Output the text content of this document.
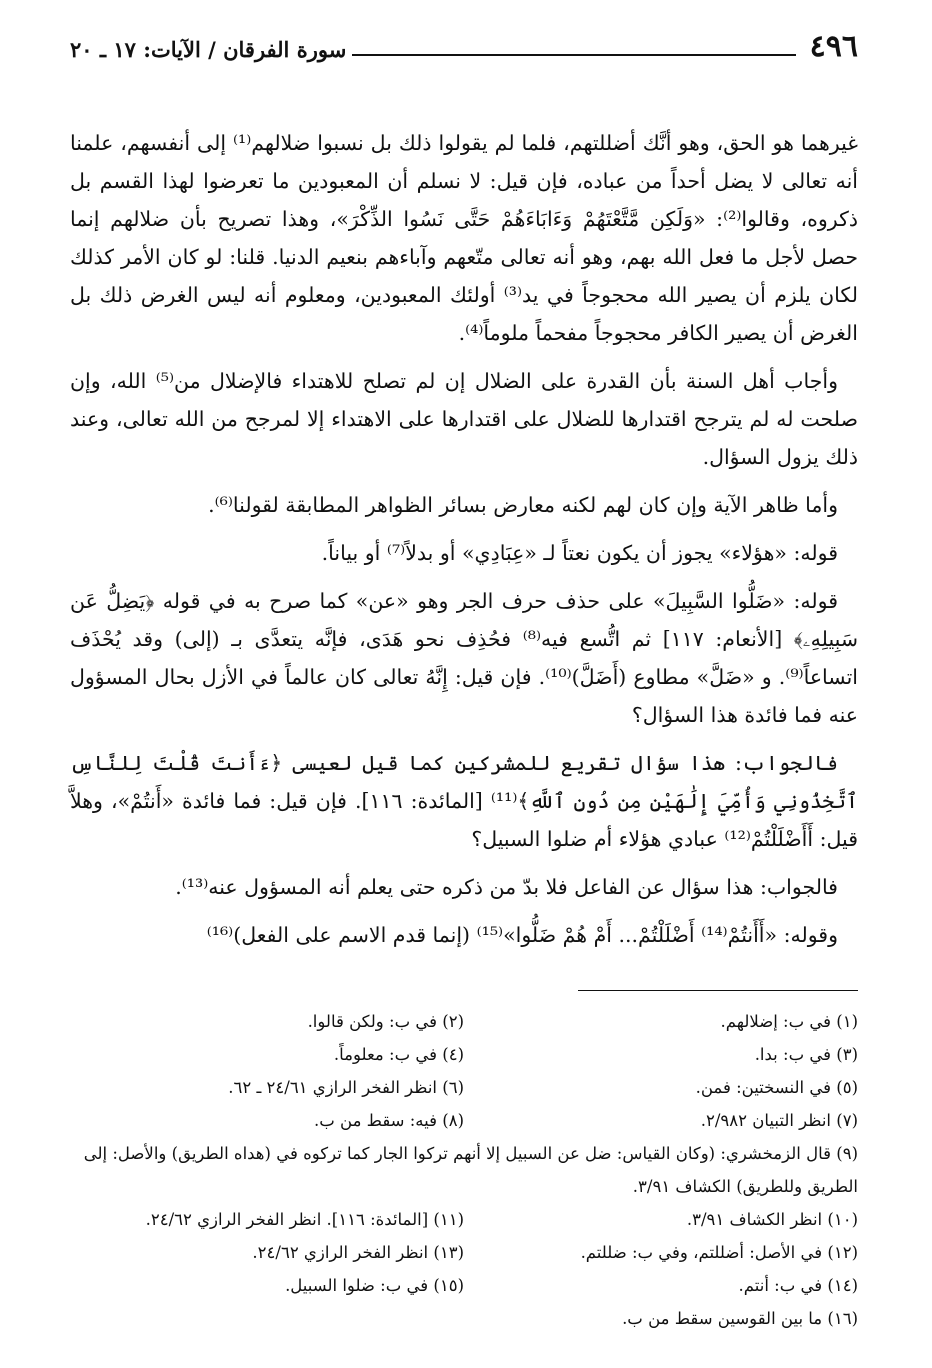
٤٩٦
سورة الفرقان / الآيات: ١٧ ـ ٢٠

غيرهما هو الحق، وهو أنَّك أضللتهم، فلما لم يقولوا ذلك بل نسبوا ضلالهم⁽¹⁾ إلى أنفسهم، علمنا أنه تعالى لا يضل أحداً من عباده، فإن قيل: لا نسلم أن المعبودين ما تعرضوا لهذا القسم بل ذكروه، وقالوا⁽²⁾: «وَلَكِن مَّتَّعْتَهُمْ وَءَابَاءَهُمْ حَتَّى نَسُوا الذِّكْرَ»، وهذا تصريح بأن ضلالهم إنما حصل لأجل ما فعل الله بهم، وهو أنه تعالى متّعهم وآباءهم بنعيم الدنيا. قلنا: لو كان الأمر كذلك لكان يلزم أن يصير الله محجوجاً في يد⁽³⁾ أولئك المعبودين، ومعلوم أنه ليس الغرض ذلك بل الغرض أن يصير الكافر محجوجاً مفحماً ملوماً⁽⁴⁾.

وأجاب أهل السنة بأن القدرة على الضلال إن لم تصلح للاهتداء فالإضلال من⁽⁵⁾ الله، وإن صلحت له لم يترجح اقتدارها للضلال على اقتدارها على الاهتداء إلا لمرجح من الله تعالى، وعند ذلك يزول السؤال.

وأما ظاهر الآية وإن كان لهم لكنه معارض بسائر الظواهر المطابقة لقولنا⁽⁶⁾.

قوله: «هؤلاء» يجوز أن يكون نعتاً لـ «عِبَادِي» أو بدلاً⁽⁷⁾ أو بياناً.

قوله: «ضَلُّوا السَّبِيلَ» على حذف حرف الجر وهو «عن» كما صرح به في قوله ﴿يَضِلُّ عَن سَبِيلِهِۦ﴾ [الأنعام: ١١٧] ثم اتُّسع فيه⁽⁸⁾ فحُذِف نحو هَدَى، فإنَّه يتعدَّى بـ (إلى) وقد يُحْذَف اتساعاً⁽⁹⁾. و «ضَلَّ» مطاوع (أَضَلَّ)⁽¹⁰⁾. فإن قيل: إِنَّهُ تعالى كان عالماً في الأزل بحال المسؤول عنه فما فائدة هذا السؤال؟

فالجواب: هذا سؤال تقريع للمشركين كما قيل لعيسى ﴿ءَأَنتَ قُلْتَ لِلنَّاسِ ٱتَّخِذُونِي وَأُمِّيَ إِلَٰهَيْنِ مِن دُونِ ٱللَّهِ﴾⁽¹¹⁾ [المائدة: ١١٦]. فإن قيل: فما فائدة «أَنتُمْ»، وهلاَّ قيل: أَأَضْلَلْتُمْ⁽¹²⁾ عبادي هؤلاء أم ضلوا السبيل؟

فالجواب: هذا سؤال عن الفاعل فلا بدّ من ذكره حتى يعلم أنه المسؤول عنه⁽¹³⁾.

وقوله: «أَأَنتُمْ⁽¹⁴⁾ أَضْلَلْتُمْ... أَمْ هُمْ ضَلُّوا»⁽¹⁵⁾ (إنما قدم الاسم على الفعل)⁽¹⁶⁾

(١) في ب: إضلالهم.
(٢) في ب: ولكن قالوا.
(٣) في ب: بدا.
(٤) في ب: معلوماً.
(٥) في النسختين: فمن.
(٦) انظر الفخر الرازي ٢٤/٦١ ـ ٦٢.
(٧) انظر التبيان ٢/٩٨٢.
(٨) فيه: سقط من ب.
(٩) قال الزمخشري: (وكان القياس: ضل عن السبيل إلا أنهم تركوا الجار كما تركوه في (هداه الطريق) والأصل: إلى الطريق وللطريق) الكشاف ٣/٩١.
(١٠) انظر الكشاف ٣/٩١.
(١١) [المائدة: ١١٦]. انظر الفخر الرازي ٢٤/٦٢.
(١٢) في الأصل: أضللتم، وفي ب: ضللتم.
(١٣) انظر الفخر الرازي ٢٤/٦٢.
(١٤) في ب: أنتم.
(١٥) في ب: ضلوا السبيل.
(١٦) ما بين القوسين سقط من ب.
